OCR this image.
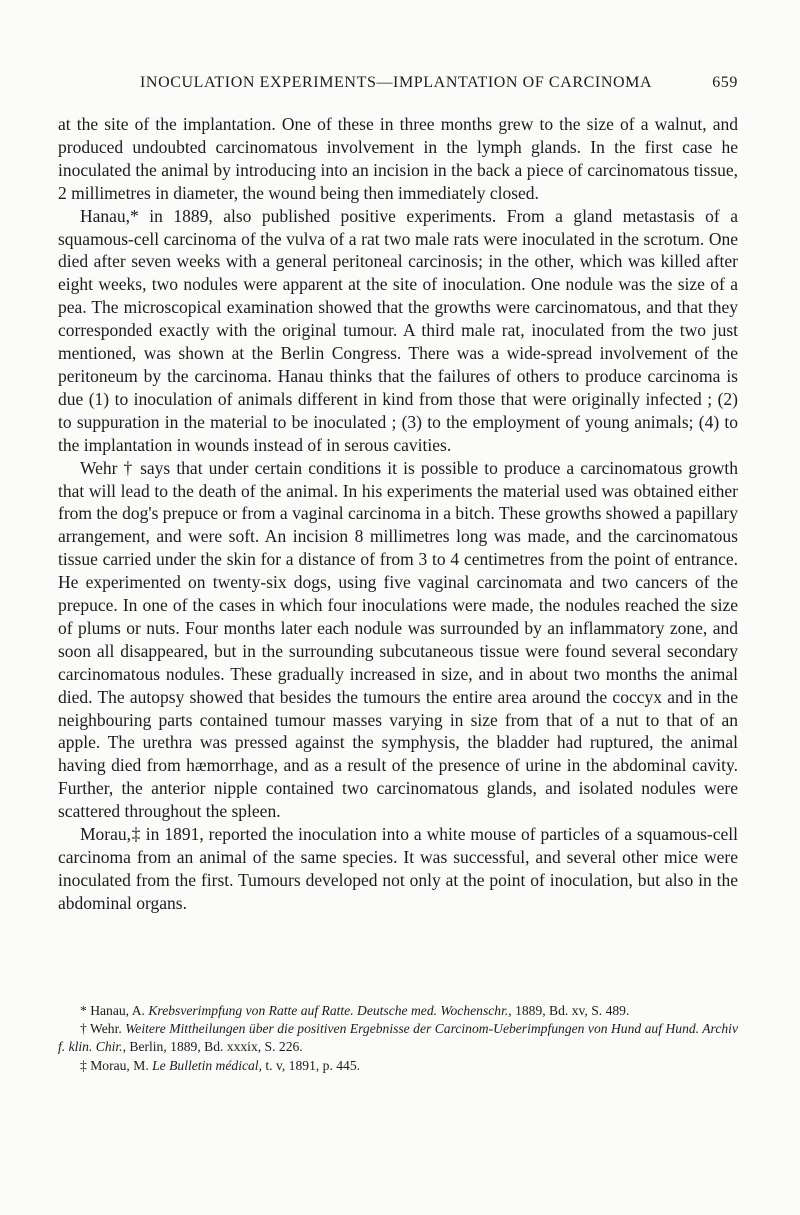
INOCULATION EXPERIMENTS—IMPLANTATION OF CARCINOMA	659

at the site of the implantation. One of these in three months grew to the size of a walnut, and produced undoubted carcinomatous involvement in the lymph glands. In the first case he inoculated the animal by introducing into an incision in the back a piece of carcinomatous tissue, 2 millimetres in diameter, the wound being then immediately closed.

Hanau,* in 1889, also published positive experiments. From a gland metastasis of a squamous-cell carcinoma of the vulva of a rat two male rats were inoculated in the scrotum. One died after seven weeks with a general peritoneal carcinosis; in the other, which was killed after eight weeks, two nodules were apparent at the site of inoculation. One nodule was the size of a pea. The microscopical examination showed that the growths were carcinomatous, and that they corresponded exactly with the original tumour. A third male rat, inoculated from the two just mentioned, was shown at the Berlin Congress. There was a wide-spread involvement of the peritoneum by the carcinoma. Hanau thinks that the failures of others to produce carcinoma is due (1) to inoculation of animals different in kind from those that were originally infected ; (2) to suppuration in the material to be inoculated ; (3) to the employment of young animals; (4) to the implantation in wounds instead of in serous cavities.

Wehr † says that under certain conditions it is possible to produce a carcinomatous growth that will lead to the death of the animal. In his experiments the material used was obtained either from the dog's prepuce or from a vaginal carcinoma in a bitch. These growths showed a papillary arrangement, and were soft. An incision 8 millimetres long was made, and the carcinomatous tissue carried under the skin for a distance of from 3 to 4 centimetres from the point of entrance. He experimented on twenty-six dogs, using five vaginal carcinomata and two cancers of the prepuce. In one of the cases in which four inoculations were made, the nodules reached the size of plums or nuts. Four months later each nodule was surrounded by an inflammatory zone, and soon all disappeared, but in the surrounding subcutaneous tissue were found several secondary carcinomatous nodules. These gradually increased in size, and in about two months the animal died. The autopsy showed that besides the tumours the entire area around the coccyx and in the neighbouring parts contained tumour masses varying in size from that of a nut to that of an apple. The urethra was pressed against the symphysis, the bladder had ruptured, the animal having died from hæmorrhage, and as a result of the presence of urine in the abdominal cavity. Further, the anterior nipple contained two carcinomatous glands, and isolated nodules were scattered throughout the spleen.

Morau,‡ in 1891, reported the inoculation into a white mouse of particles of a squamous-cell carcinoma from an animal of the same species. It was successful, and several other mice were inoculated from the first. Tumours developed not only at the point of inoculation, but also in the abdominal organs.

* Hanau, A. Krebsverimpfung von Ratte auf Ratte. Deutsche med. Wochenschr., 1889, Bd. xv, S. 489.

† Wehr. Weitere Mittheilungen über die positiven Ergebnisse der Carcinom-Ueberimpfungen von Hund auf Hund. Archiv f. klin. Chir., Berlin, 1889, Bd. xxxix, S. 226.

‡ Morau, M. Le Bulletin médical, t. v, 1891, p. 445.
